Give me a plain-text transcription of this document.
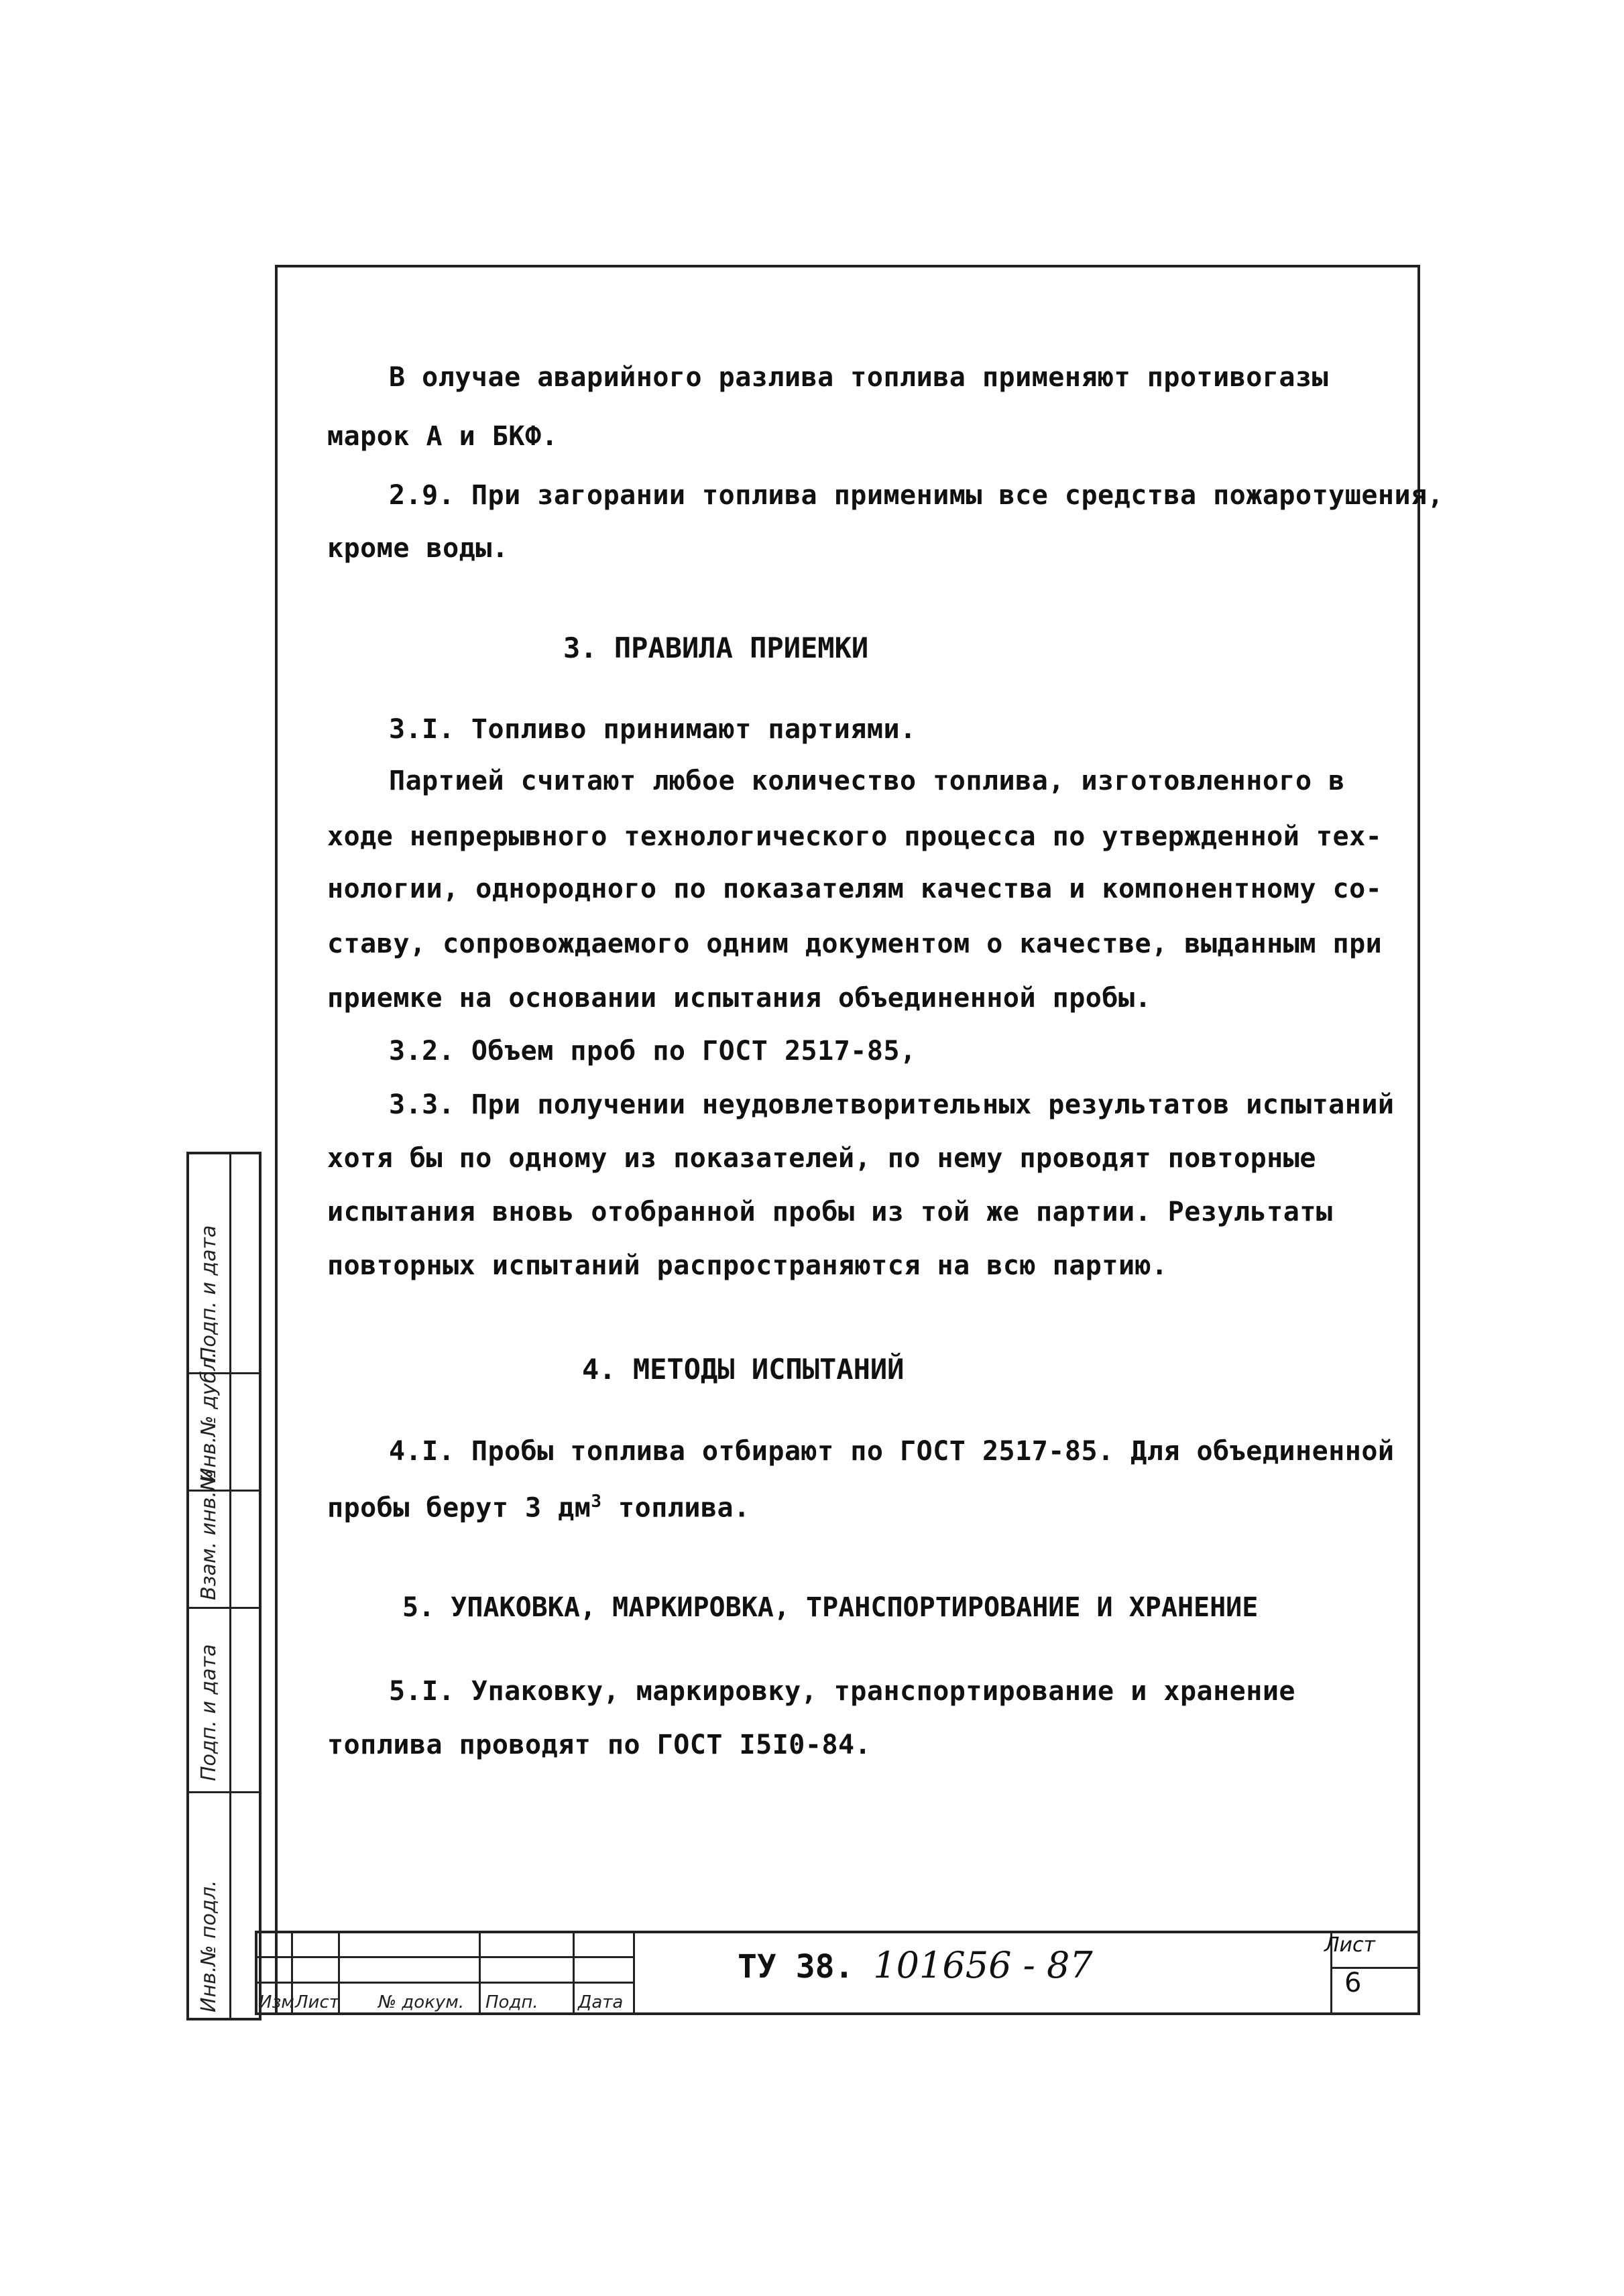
В олучае аварийного разлива топлива применяют противогазы
марок А и БКФ.
2.9. При загорании топлива применимы все средства пожаротушения,
кроме воды.
3. ПРАВИЛА ПРИЕМКИ
3.I. Топливо принимают партиями.
Партией считают любое количество топлива, изготовленного в
ходе непрерывного технологического процесса по утвержденной тех-
нологии, однородного по показателям качества и компонентному со-
ставу, сопровождаемого одним документом о качестве, выданным при
приемке на основании испытания объединенной пробы.
3.2. Объем проб по ГОСТ 2517-85,
3.3. При получении неудовлетворительных результатов испытаний
хотя бы по одному из показателей, по нему проводят повторные
испытания вновь отобранной пробы из той же партии. Результаты
повторных испытаний распространяются на всю партию.
4. МЕТОДЫ ИСПЫТАНИЙ
4.I. Пробы топлива отбирают по ГОСТ 2517-85. Для объединенной
пробы берут 3 $дм^3$ топлива.
5. УПАКОВКА, МАРКИРОВКА, ТРАНСПОРТИРОВАНИЕ И ХРАНЕНИЕ
5.I. Упаковку, маркировку, транспортирование и хранение
топлива проводят по ГОСТ I5I0-84.
Подп. и дата
Инв.№ дубл.
Взам. инв.№
Подп. и дата
Инв.№ подл. Изм Лист № докум. Подп. Дата
ТУ 38. 101656 - 87	Лист
6
